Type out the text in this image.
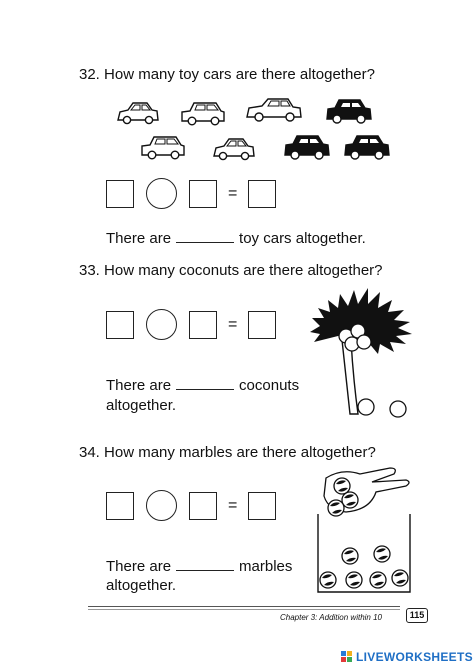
32. How many toy cars are there altogether?
=
There are	toy cars altogether.
33. How many coconuts are there altogether?
=
There are	coconuts
altogether.
34. How many marbles are there altogether?
=
There are	marbles
altogether.
Chapter 3: Addition within 10	115
LIVEWORKSHEETS
